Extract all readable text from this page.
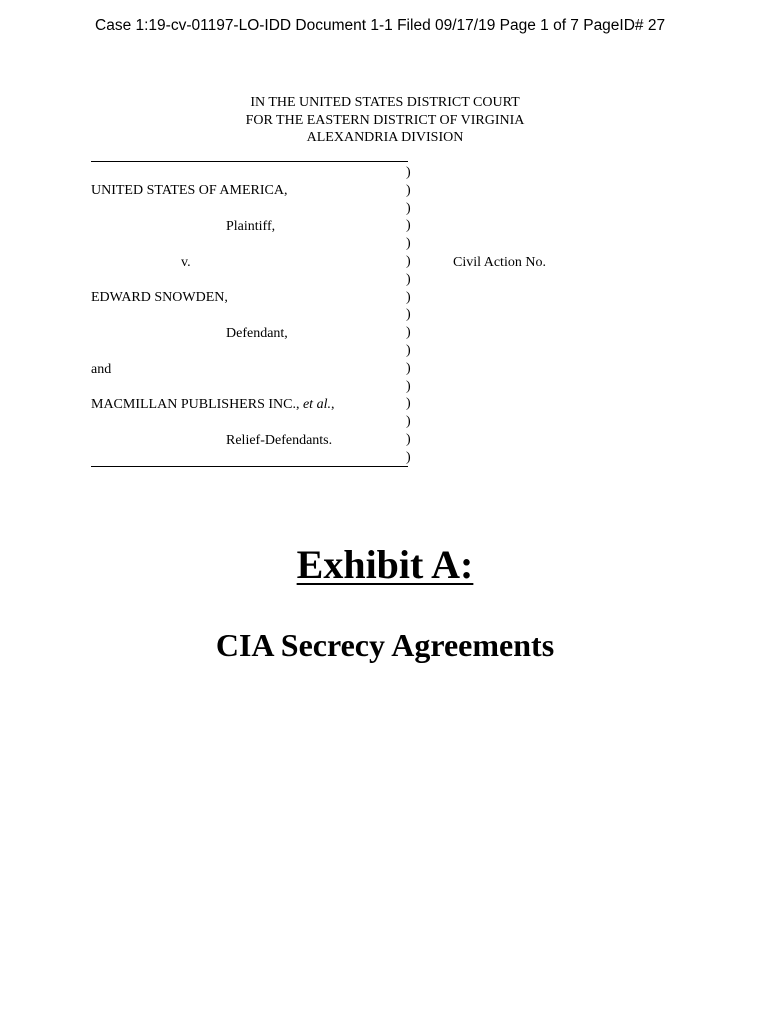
Case 1:19-cv-01197-LO-IDD Document 1-1 Filed 09/17/19 Page 1 of 7 PageID# 27
IN THE UNITED STATES DISTRICT COURT
FOR THE EASTERN DISTRICT OF VIRGINIA
ALEXANDRIA DIVISION
)
)
)
)
)
)
)
)
)
)
)
)
)
)
)
)
)
UNITED STATES OF AMERICA,
Plaintiff,
v.	Civil Action No.
EDWARD SNOWDEN,
Defendant,
and
MACMILLAN PUBLISHERS INC., et al.,
Relief-Defendants.
Exhibit A:
CIA Secrecy Agreements
